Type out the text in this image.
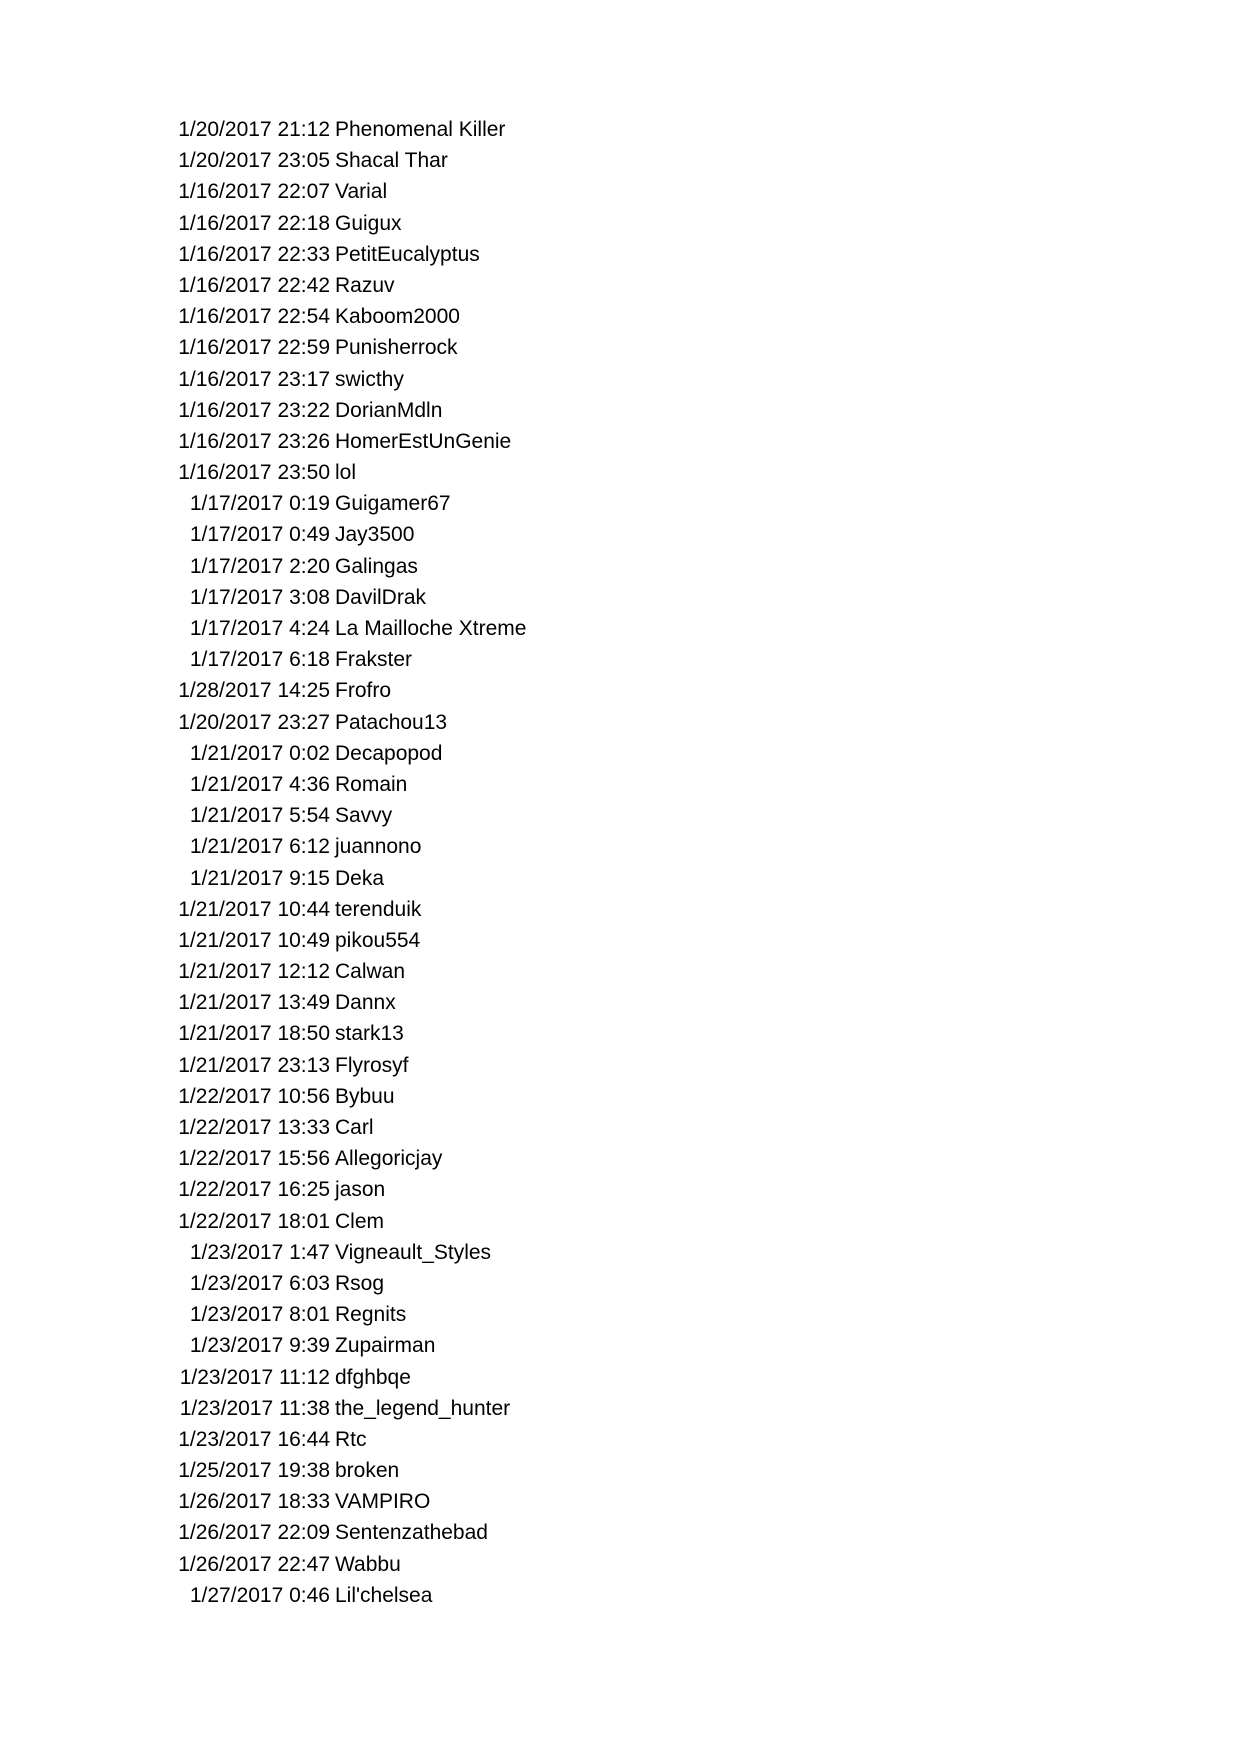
1/20/2017 21:12 Phenomenal Killer
1/20/2017 23:05 Shacal Thar
1/16/2017 22:07 Varial
1/16/2017 22:18 Guigux
1/16/2017 22:33 PetitEucalyptus
1/16/2017 22:42 Razuv
1/16/2017 22:54 Kaboom2000
1/16/2017 22:59 Punisherrock
1/16/2017 23:17 swicthy
1/16/2017 23:22 DorianMdln
1/16/2017 23:26 HomerEstUnGenie
1/16/2017 23:50 lol
1/17/2017 0:19 Guigamer67
1/17/2017 0:49 Jay3500
1/17/2017 2:20 Galingas
1/17/2017 3:08 DavilDrak
1/17/2017 4:24 La Mailloche Xtreme
1/17/2017 6:18 Frakster
1/28/2017 14:25 Frofro
1/20/2017 23:27 Patachou13
1/21/2017 0:02 Decapopod
1/21/2017 4:36 Romain
1/21/2017 5:54 Savvy
1/21/2017 6:12 juannono
1/21/2017 9:15 Deka
1/21/2017 10:44 terenduik
1/21/2017 10:49 pikou554
1/21/2017 12:12 Calwan
1/21/2017 13:49 Dannx
1/21/2017 18:50 stark13
1/21/2017 23:13 Flyrosyf
1/22/2017 10:56 Bybuu
1/22/2017 13:33 Carl
1/22/2017 15:56 Allegoricjay
1/22/2017 16:25 jason
1/22/2017 18:01 Clem
1/23/2017 1:47 Vigneault_Styles
1/23/2017 6:03 Rsog
1/23/2017 8:01 Regnits
1/23/2017 9:39 Zupairman
1/23/2017 11:12 dfghbqe
1/23/2017 11:38 the_legend_hunter
1/23/2017 16:44 Rtc
1/25/2017 19:38 broken
1/26/2017 18:33 VAMPIRO
1/26/2017 22:09 Sentenzathebad
1/26/2017 22:47 Wabbu
1/27/2017 0:46 Lil'chelsea
